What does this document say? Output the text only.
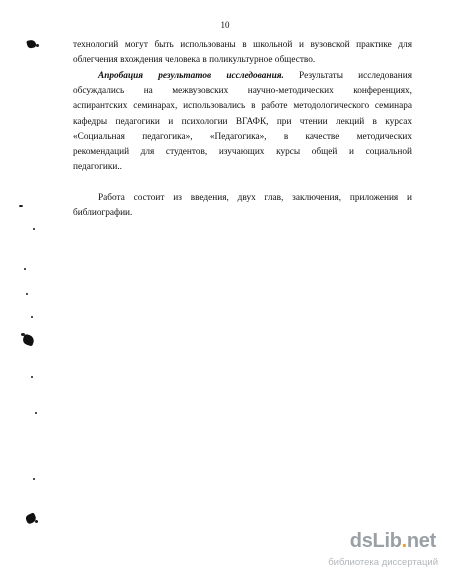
10
технологий могут быть использованы в школьной и вузовской практике для
облегчения вхождения человека в поликультурное общество.
Апробация результатов исследования. Результаты исследования
обсуждались на межвузовских научно-методических конференциях,
аспирантских семинарах, использовались в работе методологического семинара
кафедры педагогики и психологии ВГАФК, при чтении лекций в курсах
«Социальная педагогика», «Педагогика», в качестве методических
рекомендаций для студентов, изучающих курсы общей и социальной
педагогики..
Работа состоит из введения, двух глав, заключения, приложения и
библиографии.
dsLib.net
библиотека диссертаций
